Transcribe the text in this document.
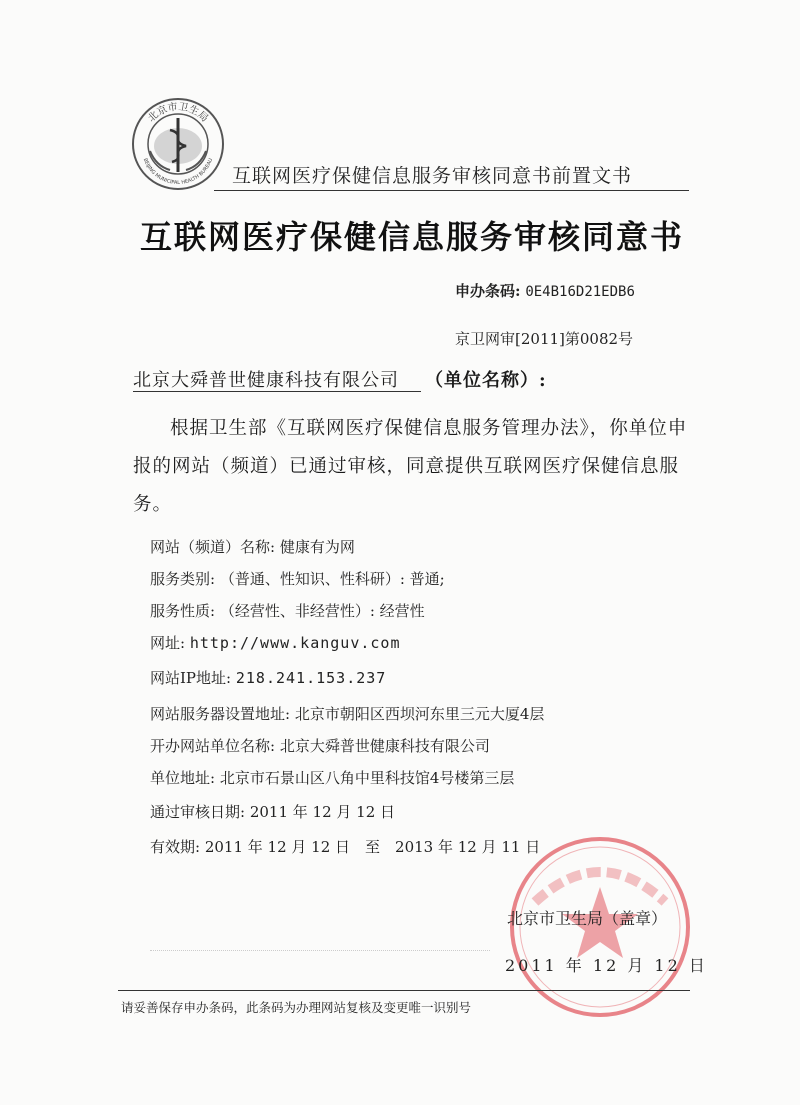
北京市卫生局
BEIJING MUNICIPAL HEALTH BUREAU
互联网医疗保健信息服务审核同意书前置文书
互联网医疗保健信息服务审核同意书
申办条码: 0E4B16D21EDB6
京卫网审[2011]第0082号
北京大舜普世健康科技有限公司 （单位名称）:
根据卫生部《互联网医疗保健信息服务管理办法》，你单位申报的网站（频道）已通过审核，同意提供互联网医疗保健信息服务。
网站（频道）名称: 健康有为网
服务类别: （普通、性知识、性科研）: 普通;
服务性质: （经营性、非经营性）: 经营性
网址: http://www.kanguv.com
网站IP地址: 218.241.153.237
网站服务器设置地址: 北京市朝阳区西坝河东里三元大厦4层
开办网站单位名称: 北京大舜普世健康科技有限公司
单位地址: 北京市石景山区八角中里科技馆4号楼第三层
通过审核日期: 2011 年 12 月 12 日
有效期: 2011 年 12 月 12 日　至　2013 年 12 月 11 日
北京市卫生局（盖章）
2011 年 12 月 12 日
请妥善保存申办条码，此条码为办理网站复核及变更唯一识别号
